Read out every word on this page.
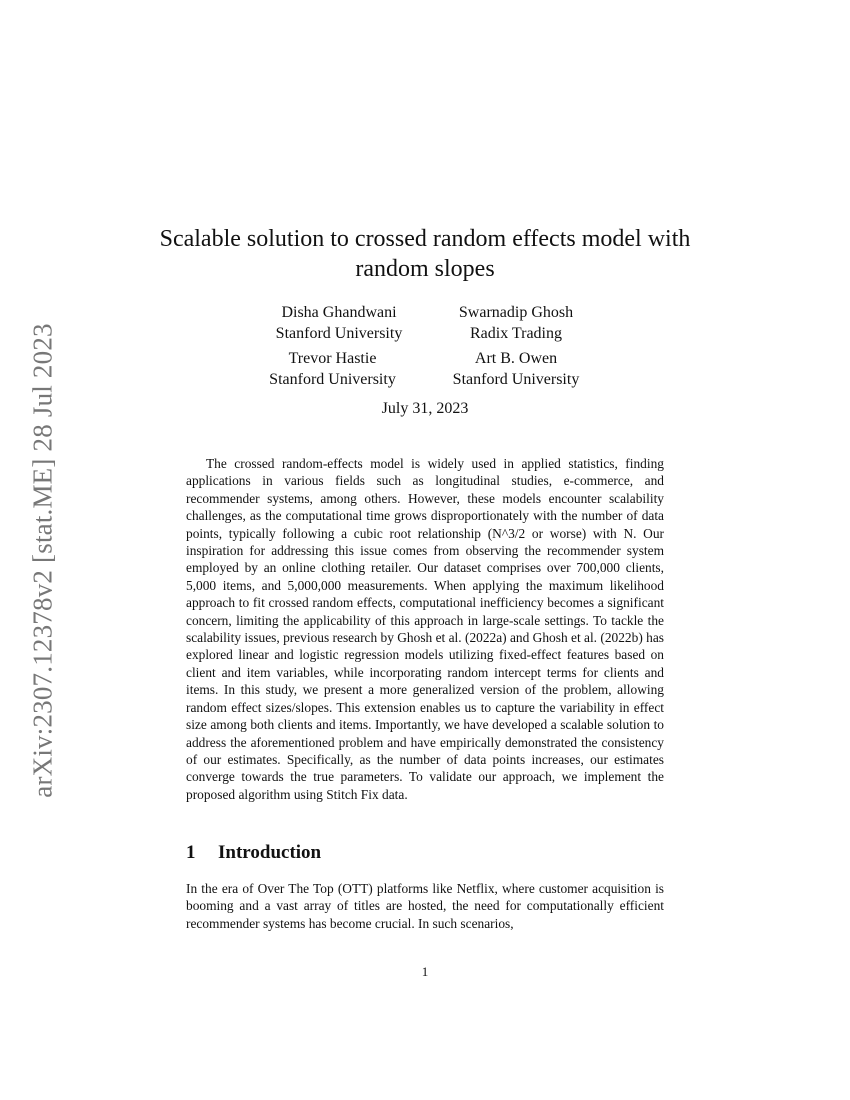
arXiv:2307.12378v2 [stat.ME] 28 Jul 2023
Scalable solution to crossed random effects model with random slopes
Disha Ghandwani
Stanford University
Swarnadip Ghosh
Radix Trading
Trevor Hastie
Stanford University
Art B. Owen
Stanford University
July 31, 2023

The crossed random-effects model is widely used in applied statistics, finding applications in various fields such as longitudinal studies, e-commerce, and recommender systems, among others. However, these models encounter scalability challenges, as the computational time grows disproportionately with the number of data points, typically following a cubic root relationship (N^3/2 or worse) with N. Our inspiration for addressing this issue comes from observing the recommender system employed by an online clothing retailer. Our dataset comprises over 700,000 clients, 5,000 items, and 5,000,000 measurements. When applying the maximum likelihood approach to fit crossed random effects, computational inefficiency becomes a significant concern, limiting the applicability of this approach in large-scale settings. To tackle the scalability issues, previous research by Ghosh et al. (2022a) and Ghosh et al. (2022b) has explored linear and logistic regression models utilizing fixed-effect features based on client and item variables, while incorporating random intercept terms for clients and items. In this study, we present a more generalized version of the problem, allowing random effect sizes/slopes. This extension enables us to capture the variability in effect size among both clients and items. Importantly, we have developed a scalable solution to address the aforementioned problem and have empirically demonstrated the consistency of our estimates. Specifically, as the number of data points increases, our estimates converge towards the true parameters. To validate our approach, we implement the proposed algorithm using Stitch Fix data.

1 Introduction

In the era of Over The Top (OTT) platforms like Netflix, where customer acquisition is booming and a vast array of titles are hosted, the need for computationally efficient recommender systems has become crucial. In such scenarios,

1
